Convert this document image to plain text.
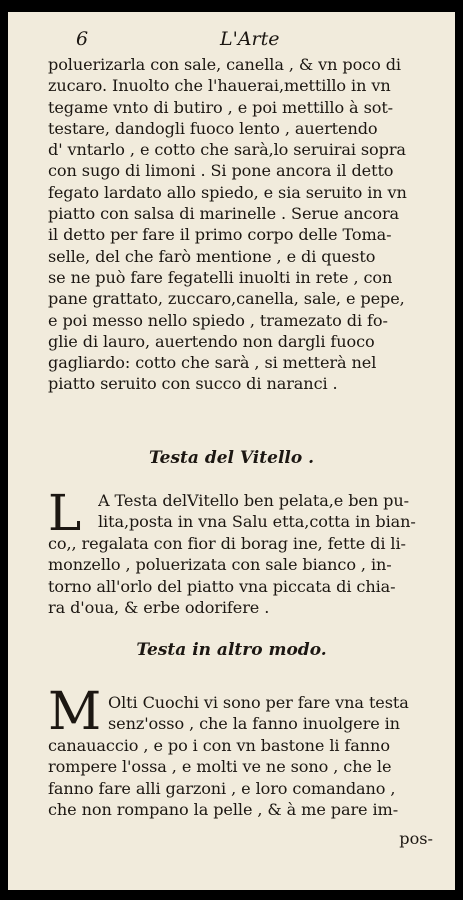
6	L'Arte
poluerizarla con sale, canella , & vn poco di
zucaro. Inuolto che l'hauerai,mettillo in vn
tegame vnto di butiro , e poi mettillo à sot-
testare, dandogli fuoco lento , auertendo
d' vntarlo , e cotto che sarà,lo seruirai sopra
con sugo di limoni . Si pone ancora il detto
fegato lardato allo spiedo, e sia seruito in vn
piatto con salsa di marinelle . Serue ancora
il detto per fare il primo corpo delle Toma-
selle, del che farò mentione , e di questo
se ne può fare fegatelli inuolti in rete , con
pane grattato, zuccaro,canella, sale, e pepe,
e poi messo nello spiedo , tramezato di fo-
glie di lauro, auertendo non dargli fuoco
gagliardo: cotto che sarà , si metterà nel
piatto seruito con succo di naranci .
Testa del Vitello .
L A Testa delVitello ben pelata,e ben pu-
lita,posta in vna Salu etta,cotta in bian-
co,, regalata con fior di borag ine, fette di li-
monzello , poluerizata con sale bianco , in-
torno all'orlo del piatto vna piccata di chia-
ra d'oua, & erbe odorifere .
Testa in altro modo.
M Olti Cuochi vi sono per fare vna testa
senz'osso , che la fanno inuolgere in
canauaccio , e po i con vn bastone li fanno
rompere l'ossa , e molti ve ne sono , che le
fanno fare alli garzoni , e loro comandano ,
che non rompano la pelle , & à me pare im-
pos-
